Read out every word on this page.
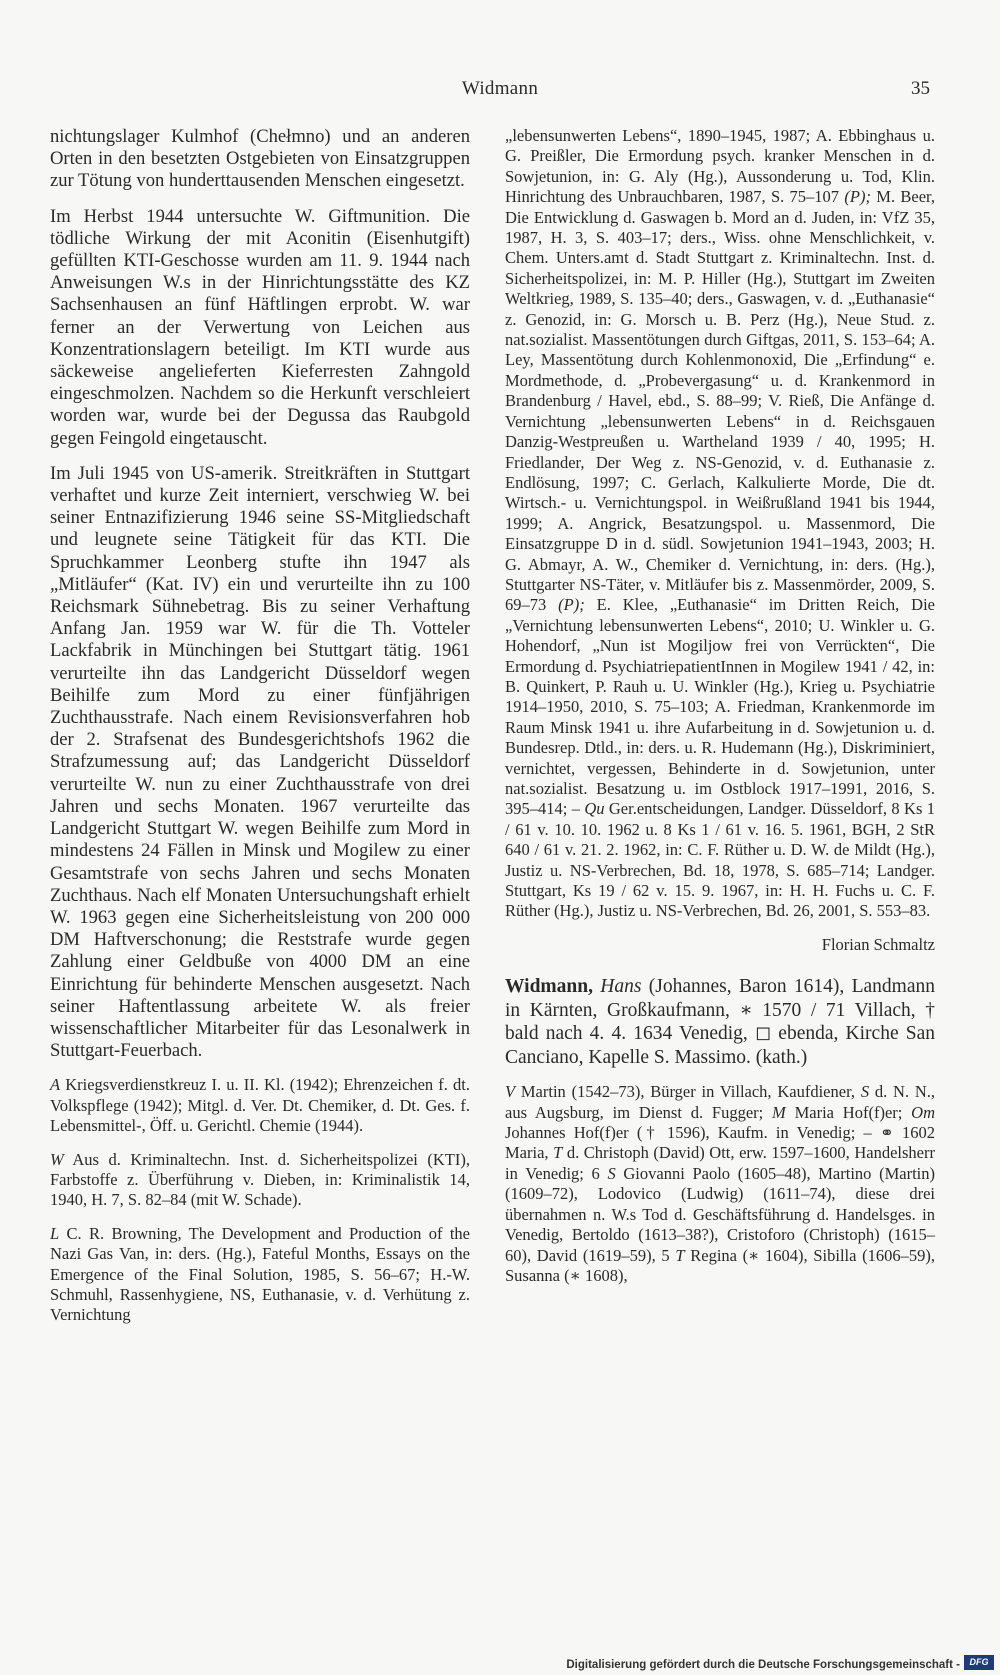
Widmann	35

nichtungslager Kulmhof (Chełmno) und an anderen Orten in den besetzten Ostgebieten von Einsatzgruppen zur Tötung von hunderttausenden Menschen eingesetzt.

Im Herbst 1944 untersuchte W. Giftmunition. Die tödliche Wirkung der mit Aconitin (Eisenhutgift) gefüllten KTI-Geschosse wurden am 11. 9. 1944 nach Anweisungen W.s in der Hinrichtungsstätte des KZ Sachsenhausen an fünf Häftlingen erprobt. W. war ferner an der Verwertung von Leichen aus Konzentrationslagern beteiligt. Im KTI wurde aus säckeweise angelieferten Kieferresten Zahngold eingeschmolzen. Nachdem so die Herkunft verschleiert worden war, wurde bei der Degussa das Raubgold gegen Feingold eingetauscht.

Im Juli 1945 von US-amerik. Streitkräften in Stuttgart verhaftet und kurze Zeit interniert, verschwieg W. bei seiner Entnazifizierung 1946 seine SS-Mitgliedschaft und leugnete seine Tätigkeit für das KTI. Die Spruchkammer Leonberg stufte ihn 1947 als „Mitläufer“ (Kat. IV) ein und verurteilte ihn zu 100 Reichsmark Sühnebetrag. Bis zu seiner Verhaftung Anfang Jan. 1959 war W. für die Th. Votteler Lackfabrik in Münchingen bei Stuttgart tätig. 1961 verurteilte ihn das Landgericht Düsseldorf wegen Beihilfe zum Mord zu einer fünfjährigen Zuchthausstrafe. Nach einem Revisionsverfahren hob der 2. Strafsenat des Bundesgerichtshofs 1962 die Strafzumessung auf; das Landgericht Düsseldorf verurteilte W. nun zu einer Zuchthausstrafe von drei Jahren und sechs Monaten. 1967 verurteilte das Landgericht Stuttgart W. wegen Beihilfe zum Mord in mindestens 24 Fällen in Minsk und Mogilew zu einer Gesamtstrafe von sechs Jahren und sechs Monaten Zuchthaus. Nach elf Monaten Untersuchungshaft erhielt W. 1963 gegen eine Sicherheitsleistung von 200 000 DM Haftverschonung; die Reststrafe wurde gegen Zahlung einer Geldbuße von 4000 DM an eine Einrichtung für behinderte Menschen ausgesetzt. Nach seiner Haftentlassung arbeitete W. als freier wissenschaftlicher Mitarbeiter für das Lesonalwerk in Stuttgart-Feuerbach.

A Kriegsverdienstkreuz I. u. II. Kl. (1942); Ehrenzeichen f. dt. Volkspflege (1942); Mitgl. d. Ver. Dt. Chemiker, d. Dt. Ges. f. Lebensmittel-, Öff. u. Gerichtl. Chemie (1944).

W Aus d. Kriminaltechn. Inst. d. Sicherheitspolizei (KTI), Farbstoffe z. Überführung v. Dieben, in: Kriminalistik 14, 1940, H. 7, S. 82–84 (mit W. Schade).

L C. R. Browning, The Development and Production of the Nazi Gas Van, in: ders. (Hg.), Fateful Months, Essays on the Emergence of the Final Solution, 1985, S. 56–67; H.-W. Schmuhl, Rassenhygiene, NS, Euthanasie, v. d. Verhütung z. Vernichtung

„lebensunwerten Lebens“, 1890–1945, 1987; A. Ebbinghaus u. G. Preißler, Die Ermordung psych. kranker Menschen in d. Sowjetunion, in: G. Aly (Hg.), Aussonderung u. Tod, Klin. Hinrichtung des Unbrauchbaren, 1987, S. 75–107 (P); M. Beer, Die Entwicklung d. Gaswagen b. Mord an d. Juden, in: VfZ 35, 1987, H. 3, S. 403–17; ders., Wiss. ohne Menschlichkeit, v. Chem. Unters.amt d. Stadt Stuttgart z. Kriminaltechn. Inst. d. Sicherheitspolizei, in: M. P. Hiller (Hg.), Stuttgart im Zweiten Weltkrieg, 1989, S. 135–40; ders., Gaswagen, v. d. „Euthanasie“ z. Genozid, in: G. Morsch u. B. Perz (Hg.), Neue Stud. z. nat.sozialist. Massentötungen durch Giftgas, 2011, S. 153–64; A. Ley, Massentötung durch Kohlenmonoxid, Die „Erfindung“ e. Mordmethode, d. „Probevergasung“ u. d. Krankenmord in Brandenburg / Havel, ebd., S. 88–99; V. Rieß, Die Anfänge d. Vernichtung „lebensunwerten Lebens“ in d. Reichsgauen Danzig-Westpreußen u. Wartheland 1939 / 40, 1995; H. Friedlander, Der Weg z. NS-Genozid, v. d. Euthanasie z. Endlösung, 1997; C. Gerlach, Kalkulierte Morde, Die dt. Wirtsch.- u. Vernichtungspol. in Weißrußland 1941 bis 1944, 1999; A. Angrick, Besatzungspol. u. Massenmord, Die Einsatzgruppe D in d. südl. Sowjetunion 1941–1943, 2003; H. G. Abmayr, A. W., Chemiker d. Vernichtung, in: ders. (Hg.), Stuttgarter NS-Täter, v. Mitläufer bis z. Massenmörder, 2009, S. 69–73 (P); E. Klee, „Euthanasie“ im Dritten Reich, Die „Vernichtung lebensunwerten Lebens“, 2010; U. Winkler u. G. Hohendorf, „Nun ist Mogiljow frei von Verrückten“, Die Ermordung d. PsychiatriepatientInnen in Mogilew 1941 / 42, in: B. Quinkert, P. Rauh u. U. Winkler (Hg.), Krieg u. Psychiatrie 1914–1950, 2010, S. 75–103; A. Friedman, Krankenmorde im Raum Minsk 1941 u. ihre Aufarbeitung in d. Sowjetunion u. d. Bundesrep. Dtld., in: ders. u. R. Hudemann (Hg.), Diskriminiert, vernichtet, vergessen, Behinderte in d. Sowjetunion, unter nat.sozialist. Besatzung u. im Ostblock 1917–1991, 2016, S. 395–414; – Qu Ger.entscheidungen, Landger. Düsseldorf, 8 Ks 1 / 61 v. 10. 10. 1962 u. 8 Ks 1 / 61 v. 16. 5. 1961, BGH, 2 StR 640 / 61 v. 21. 2. 1962, in: C. F. Rüther u. D. W. de Mildt (Hg.), Justiz u. NS-Verbrechen, Bd. 18, 1978, S. 685–714; Landger. Stuttgart, Ks 19 / 62 v. 15. 9. 1967, in: H. H. Fuchs u. C. F. Rüther (Hg.), Justiz u. NS-Verbrechen, Bd. 26, 2001, S. 553–83.

Florian Schmaltz

Widmann, Hans (Johannes, Baron 1614), Landmann in Kärnten, Großkaufmann, ∗ 1570 / 71 Villach, † bald nach 4. 4. 1634 Venedig, ◻ ebenda, Kirche San Canciano, Kapelle S. Massimo. (kath.)

V Martin (1542–73), Bürger in Villach, Kaufdiener, S d. N. N., aus Augsburg, im Dienst d. Fugger; M Maria Hof(f)er; Om Johannes Hof(f)er († 1596), Kaufm. in Venedig; – ⚭ 1602 Maria, T d. Christoph (David) Ott, erw. 1597–1600, Handelsherr in Venedig; 6 S Giovanni Paolo (1605–48), Martino (Martin) (1609–72), Lodovico (Ludwig) (1611–74), diese drei übernahmen n. W.s Tod d. Geschäftsführung d. Handelsges. in Venedig, Bertoldo (1613–38?), Cristoforo (Christoph) (1615–60), David (1619–59), 5 T Regina (∗ 1604), Sibilla (1606–59), Susanna (∗ 1608),

Digitalisierung gefördert durch die Deutsche Forschungsgemeinschaft -	DFG
